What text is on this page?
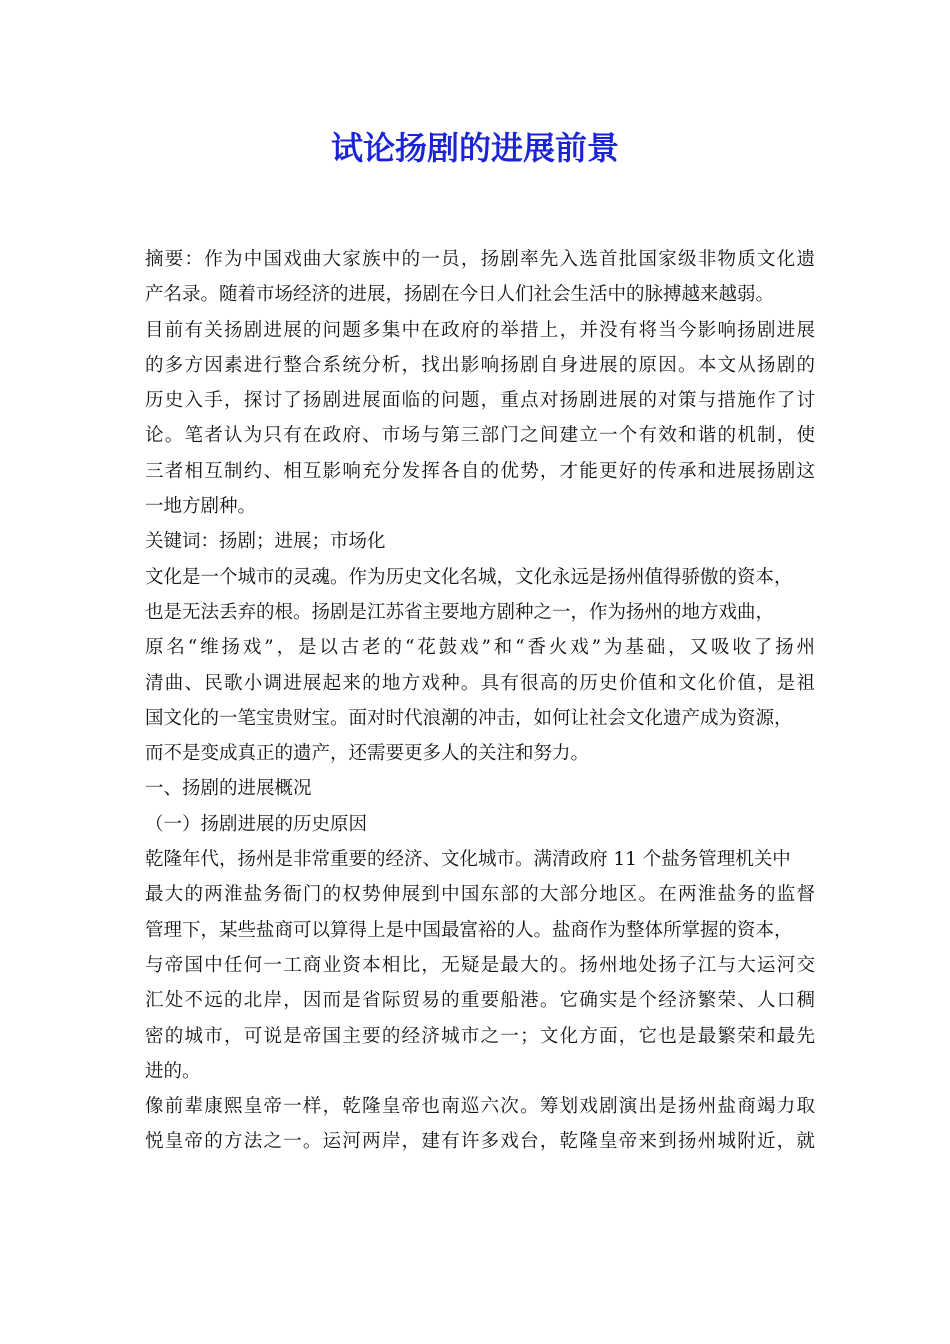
试论扬剧的进展前景
摘要：作为中国戏曲大家族中的一员，扬剧率先入选首批国家级非物质文化遗
产名录。随着市场经济的进展，扬剧在今日人们社会生活中的脉搏越来越弱。
目前有关扬剧进展的问题多集中在政府的举措上，并没有将当今影响扬剧进展
的多方因素进行整合系统分析，找出影响扬剧自身进展的原因。本文从扬剧的
历史入手，探讨了扬剧进展面临的问题，重点对扬剧进展的对策与措施作了讨
论。笔者认为只有在政府、市场与第三部门之间建立一个有效和谐的机制，使
三者相互制约、相互影响充分发挥各自的优势，才能更好的传承和进展扬剧这
一地方剧种。
关键词：扬剧；进展；市场化
文化是一个城市的灵魂。作为历史文化名城，文化永远是扬州值得骄傲的资本，
也是无法丢弃的根。扬剧是江苏省主要地方剧种之一，作为扬州的地方戏曲，
原名“维扬戏”，是以古老的“花鼓戏”和“香火戏”为基础，又吸收了扬州
清曲、民歌小调进展起来的地方戏种。具有很高的历史价值和文化价值，是祖
国文化的一笔宝贵财宝。面对时代浪潮的冲击，如何让社会文化遗产成为资源，
而不是变成真正的遗产，还需要更多人的关注和努力。
一、扬剧的进展概况
（一）扬剧进展的历史原因
乾隆年代，扬州是非常重要的经济、文化城市。满清政府 11 个盐务管理机关中
最大的两淮盐务衙门的权势伸展到中国东部的大部分地区。在两淮盐务的监督
管理下，某些盐商可以算得上是中国最富裕的人。盐商作为整体所掌握的资本，
与帝国中任何一工商业资本相比，无疑是最大的。扬州地处扬子江与大运河交
汇处不远的北岸，因而是省际贸易的重要船港。它确实是个经济繁荣、人口稠
密的城市，可说是帝国主要的经济城市之一；文化方面，它也是最繁荣和最先
进的。
像前辈康熙皇帝一样，乾隆皇帝也南巡六次。筹划戏剧演出是扬州盐商竭力取
悦皇帝的方法之一。运河两岸，建有许多戏台，乾隆皇帝来到扬州城附近，就
